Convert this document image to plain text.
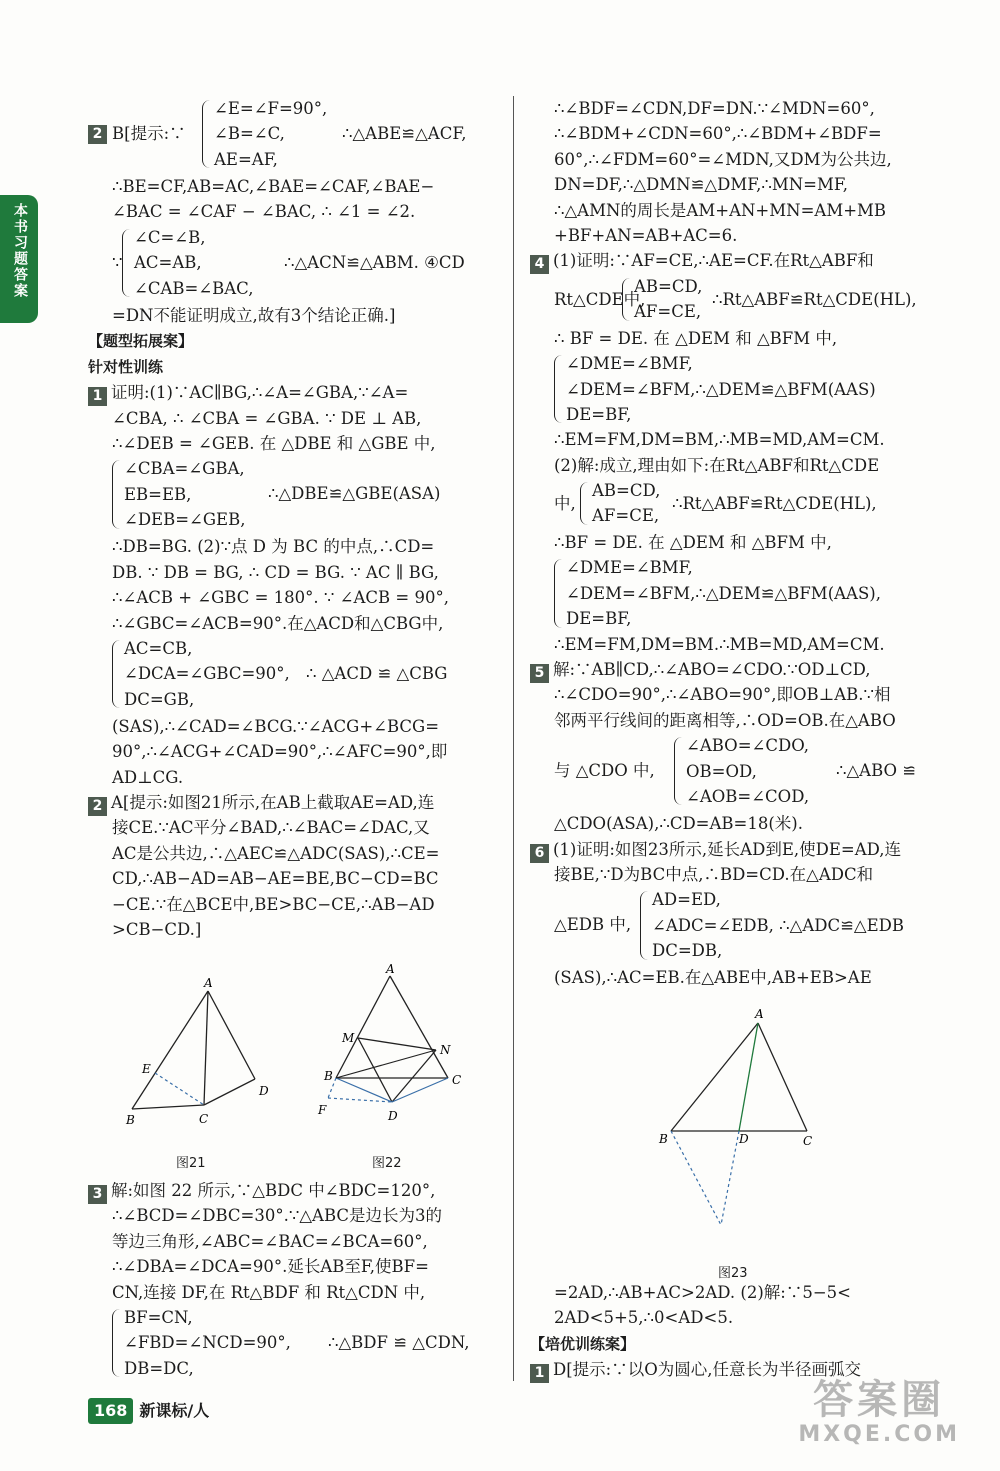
本书习题答案
2 B[提示:∵
∠E=∠F=90°,
∠B=∠C,
AE=AF,
∴△ABE≌△ACF,
∴BE=CF,AB=AC,∠BAE=∠CAF,∠BAE−
∠BAC = ∠CAF − ∠BAC, ∴ ∠1 = ∠2.
∵
∠C=∠B,
AC=AB,
∠CAB=∠BAC,
∴△ACN≌△ABM. ④CD
=DN不能证明成立,故有3个结论正确.]
【题型拓展案】
针对性训练
1 证明:(1)∵AC∥BG,∴∠A=∠GBA,∵∠A=
∠CBA, ∴ ∠CBA = ∠GBA. ∵ DE ⊥ AB,
∴∠DEB = ∠GEB. 在 △DBE 和 △GBE 中,
∠CBA=∠GBA,
EB=EB,
∠DEB=∠GEB,
∴△DBE≌△GBE(ASA)
∴DB=BG. (2)∵点 D 为 BC 的中点,∴CD=
DB. ∵ DB = BG, ∴ CD = BG. ∵ AC ∥ BG,
∴∠ACB + ∠GBC = 180°. ∵ ∠ACB = 90°,
∴∠GBC=∠ACB=90°.在△ACD和△CBG中,
AC=CB,
∠DCA=∠GBC=90°,
DC=GB,
∴ △ACD ≌ △CBG
(SAS),∴∠CAD=∠BCG.∵∠ACG+∠BCG=
90°,∴∠ACG+∠CAD=90°,∴∠AFC=90°,即
AD⊥CG.
2 A[提示:如图21所示,在AB上截取AE=AD,连
接CE.∵AC平分∠BAD,∴∠BAC=∠DAC,又
AC是公共边,∴△AEC≌△ADC(SAS),∴CE=
CD,∴AB−AD=AB−AE=BE,BC−CD=BC
−CE.∵在△BCE中,BE>BC−CE,∴AB−AD
>CB−CD.]
A
E
D
B	C
图21
A
M
N
B	C
F	D
图22
3 解:如图 22 所示,∵△BDC 中∠BDC=120°,
∴∠BCD=∠DBC=30°.∵△ABC是边长为3的
等边三角形,∠ABC=∠BAC=∠BCA=60°,
∴∠DBA=∠DCA=90°.延长AB至F,使BF=
CN,连接 DF,在 Rt△BDF 和 Rt△CDN 中,
BF=CN,
∠FBD=∠NCD=90°,
DB=DC,
∴△BDF ≌ △CDN,
∴∠BDF=∠CDN,DF=DN.∵∠MDN=60°,
∴∠BDM+∠CDN=60°,∴∠BDM+∠BDF=
60°,∴∠FDM=60°=∠MDN,又DM为公共边,
DN=DF,∴△DMN≌△DMF,∴MN=MF,
∴△AMN的周长是AM+AN+MN=AM+MB
+BF+AN=AB+AC=6.
4 (1)证明:∵AF=CE,∴AE=CF.在Rt△ABF和
Rt△CDE中,
AB=CD,
AF=CE,
∴Rt△ABF≌Rt△CDE(HL),
∴ BF = DE. 在 △DEM 和 △BFM 中,
∠DME=∠BMF,
∠DEM=∠BFM,∴△DEM≌△BFM(AAS)
DE=BF,
∴EM=FM,DM=BM,∴MB=MD,AM=CM.
(2)解:成立,理由如下:在Rt△ABF和Rt△CDE
中,
AB=CD,
AF=CE,
∴Rt△ABF≌Rt△CDE(HL),
∴BF = DE. 在 △DEM 和 △BFM 中,
∠DME=∠BMF,
∠DEM=∠BFM,∴△DEM≌△BFM(AAS),
DE=BF,
∴EM=FM,DM=BM.∴MB=MD,AM=CM.
5 解:∵AB∥CD,∴∠ABO=∠CDO.∵OD⊥CD,
∴∠CDO=90°,∴∠ABO=90°,即OB⊥AB.∵相
邻两平行线间的距离相等,∴OD=OB.在△ABO
与 △CDO 中,
∠ABO=∠CDO,
OB=OD,
∠AOB=∠COD,
∴△ABO ≌
△CDO(ASA),∴CD=AB=18(米).
6 (1)证明:如图23所示,延长AD到E,使DE=AD,连
接BE,∵D为BC中点,∴BD=CD.在△ADC和
△EDB 中,
AD=ED,
∠ADC=∠EDB, ∴△ADC≌△EDB
DC=DB,
(SAS),∴AC=EB.在△ABE中,AB+EB>AE
A
B	D	C
图23
=2AD,∴AB+AC>2AD. (2)解:∵5−5<
2AD<5+5,∴0<AD<5.
【培优训练案】
1 D[提示:∵以O为圆心,任意长为半径画弧交
168 新课标/人	答案圈
MXQE.COM
